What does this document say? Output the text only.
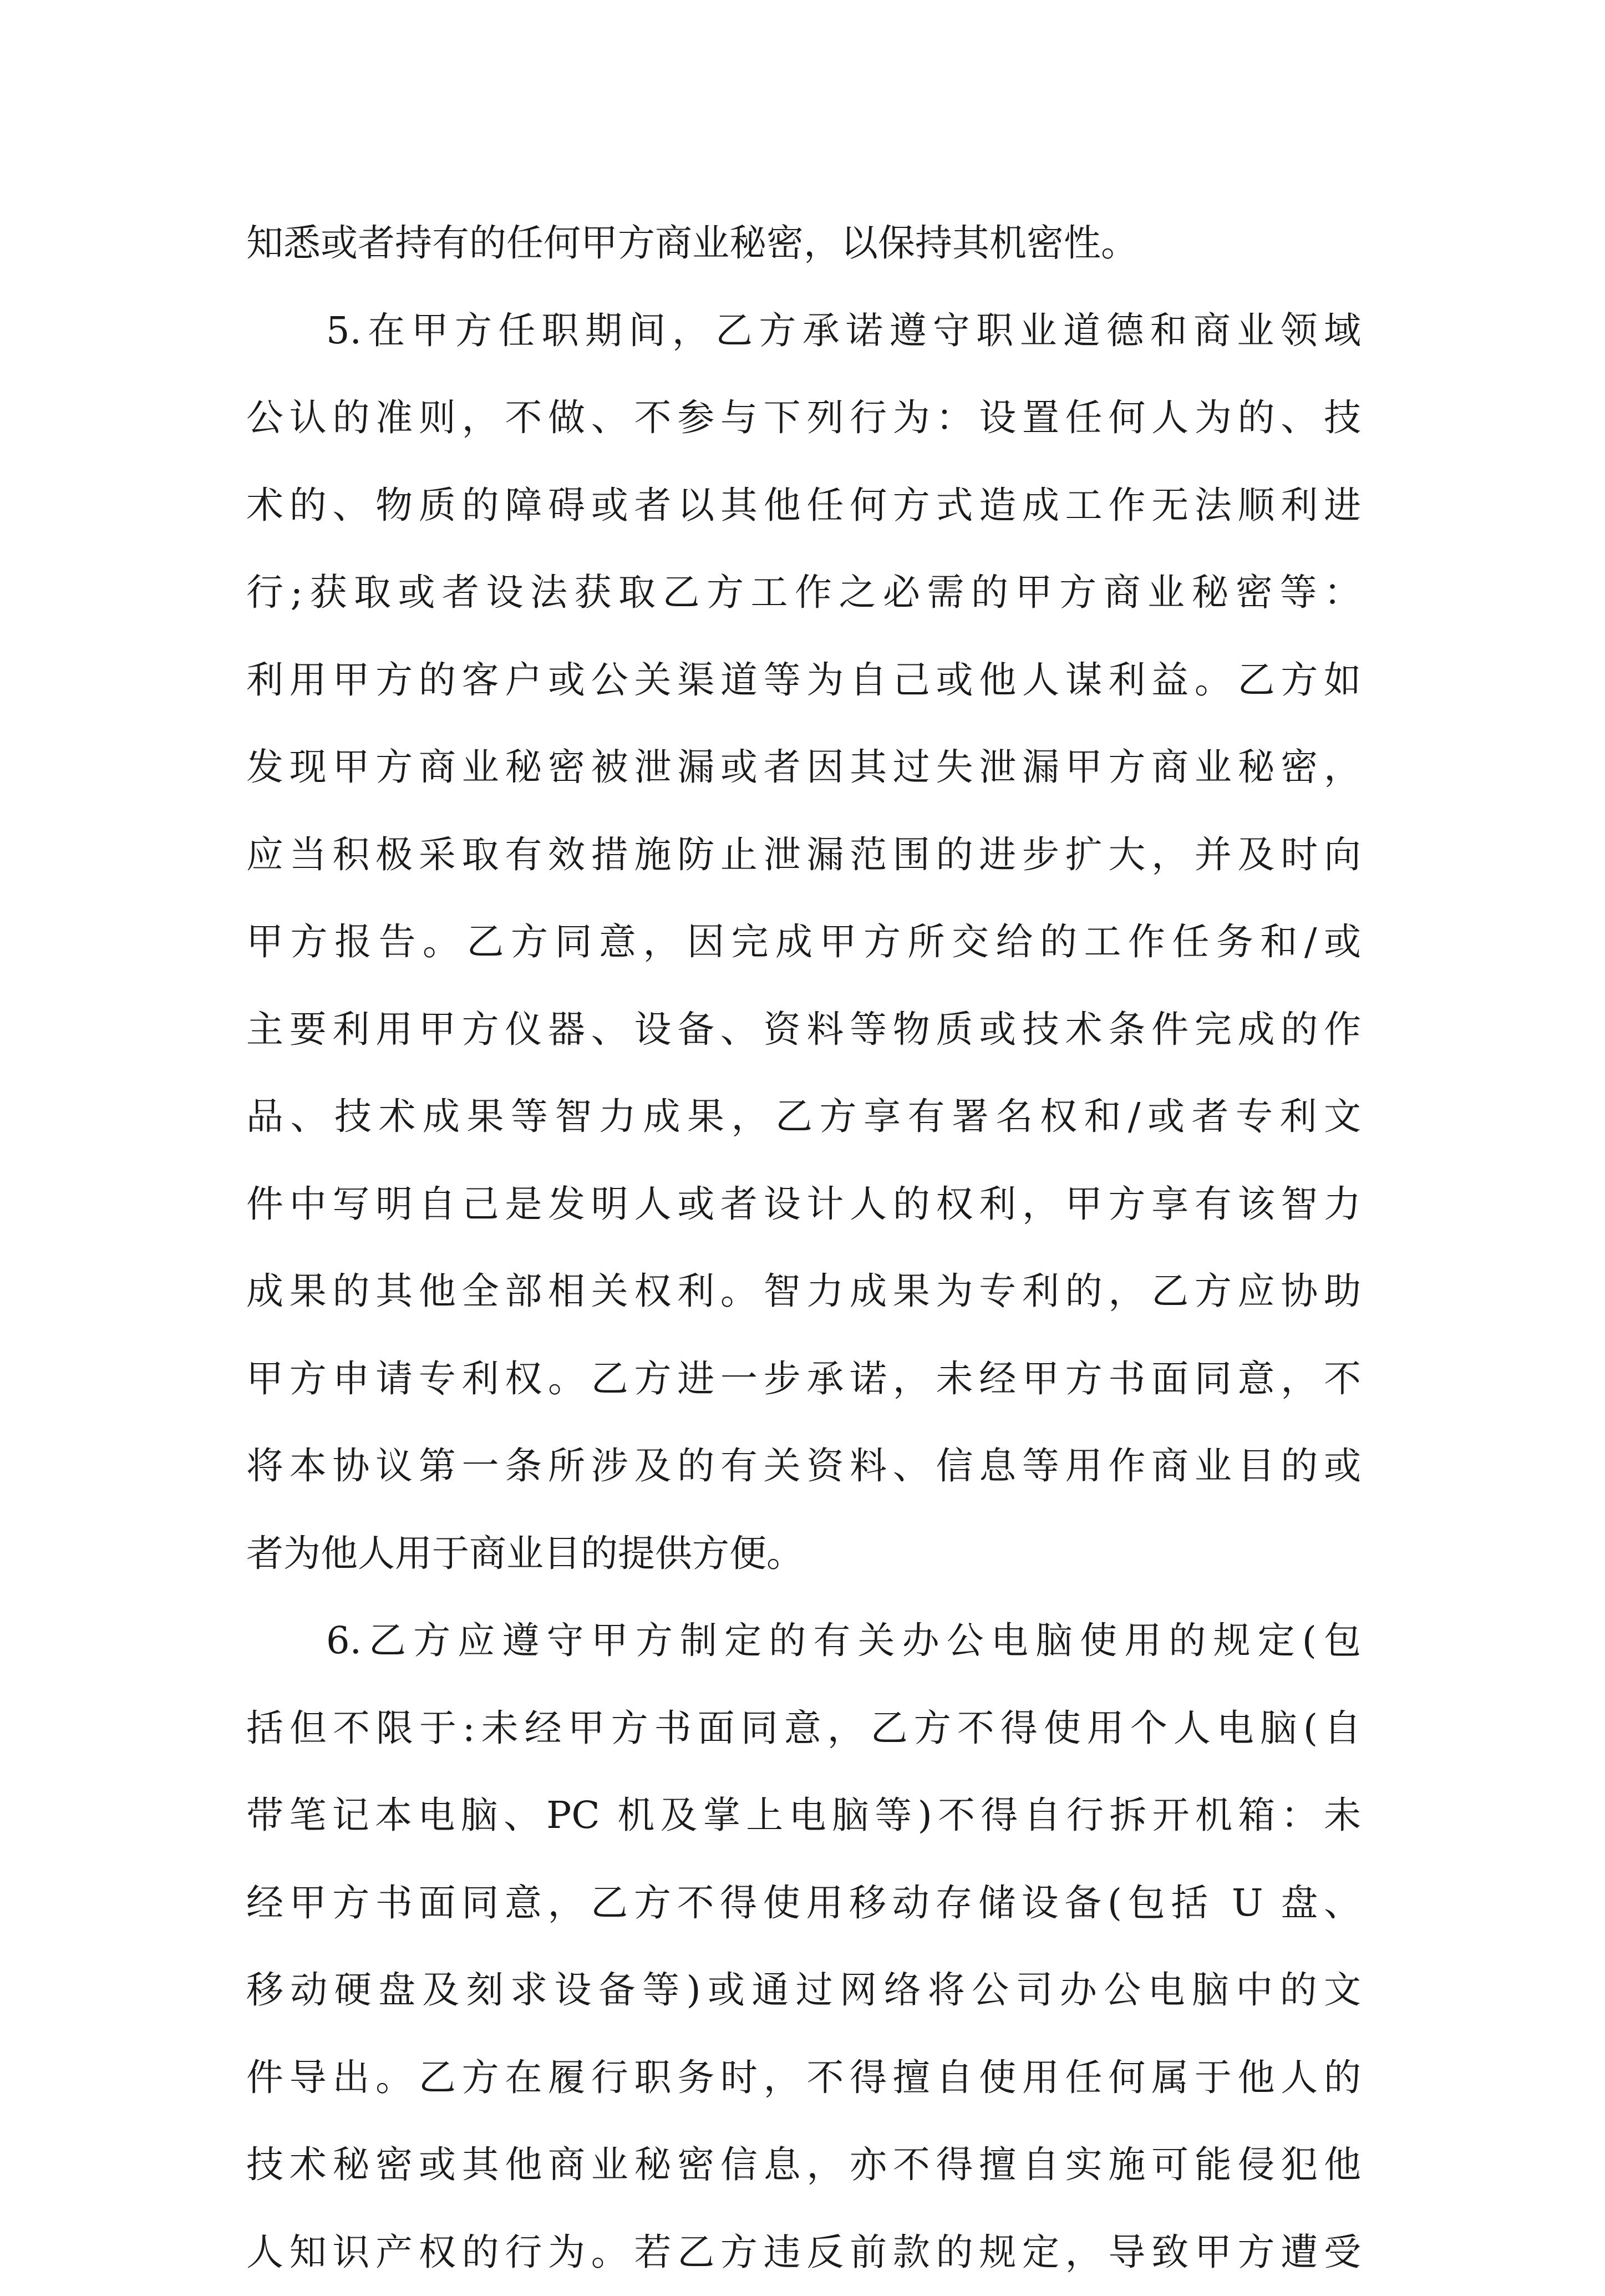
知悉或者持有的任何甲方商业秘密，以保持其机密性。
5.在甲方任职期间，乙方承诺遵守职业道德和商业领域
公认的准则，不做、不参与下列行为：设置任何人为的、技
术的、物质的障碍或者以其他任何方式造成工作无法顺利进
行;获取或者设法获取乙方工作之必需的甲方商业秘密等：
利用甲方的客户或公关渠道等为自己或他人谋利益。乙方如
发现甲方商业秘密被泄漏或者因其过失泄漏甲方商业秘密，
应当积极采取有效措施防止泄漏范围的进步扩大，并及时向
甲方报告。乙方同意，因完成甲方所交给的工作任务和/或
主要利用甲方仪器、设备、资料等物质或技术条件完成的作
品、技术成果等智力成果，乙方享有署名权和/或者专利文
件中写明自己是发明人或者设计人的权利，甲方享有该智力
成果的其他全部相关权利。智力成果为专利的，乙方应协助
甲方申请专利权。乙方进一步承诺，未经甲方书面同意，不
将本协议第一条所涉及的有关资料、信息等用作商业目的或
者为他人用于商业目的提供方便。
6.乙方应遵守甲方制定的有关办公电脑使用的规定(包
括但不限于:未经甲方书面同意，乙方不得使用个人电脑(自
带笔记本电脑、PC 机及掌上电脑等)不得自行拆开机箱：未
经甲方书面同意，乙方不得使用移动存储设备(包括 U 盘、
移动硬盘及刻求设备等)或通过网络将公司办公电脑中的文
件导出。乙方在履行职务时，不得擅自使用任何属于他人的
技术秘密或其他商业秘密信息，亦不得擅自实施可能侵犯他
人知识产权的行为。若乙方违反前款的规定，导致甲方遭受
